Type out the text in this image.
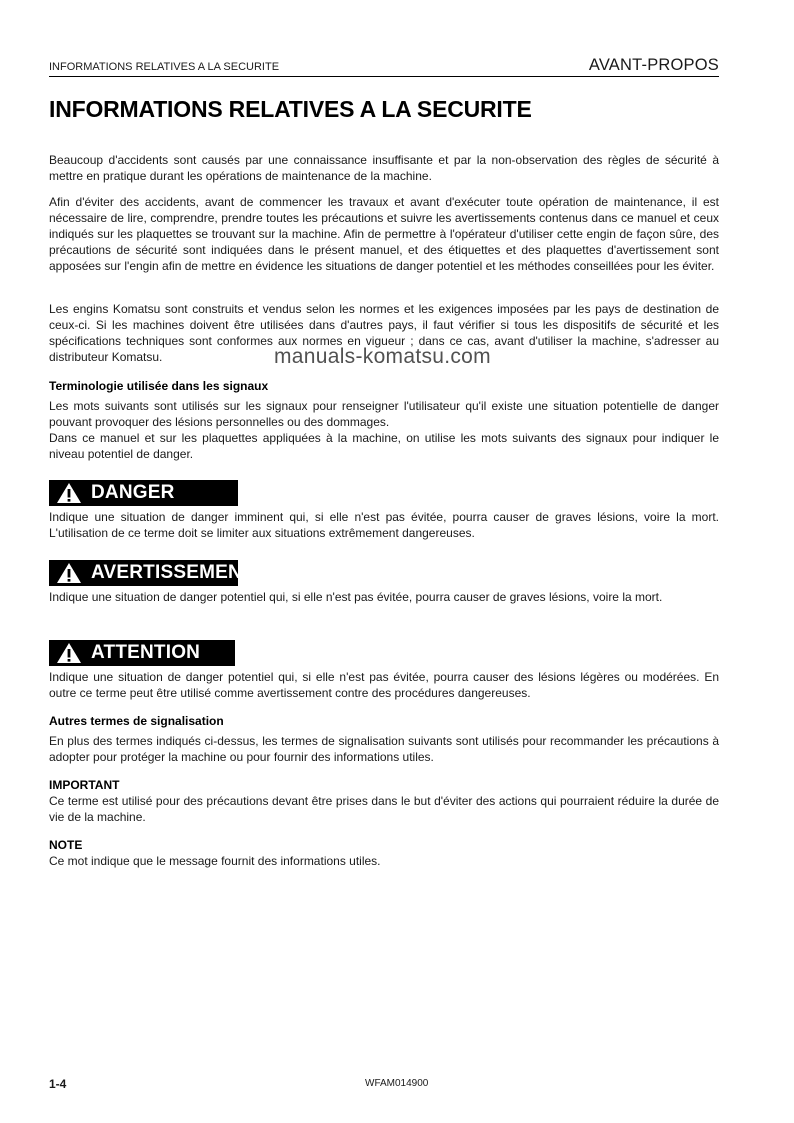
INFORMATIONS RELATIVES A LA SECURITE	AVANT-PROPOS
INFORMATIONS RELATIVES A LA SECURITE

Beaucoup d'accidents sont causés par une connaissance insuffisante et par la non-observation des règles de sécurité à mettre en pratique durant les opérations de maintenance de la machine.

Afin d'éviter des accidents, avant de commencer les travaux et avant d'exécuter toute opération de maintenance, il est nécessaire de lire, comprendre, prendre toutes les précautions et suivre les avertissements contenus dans ce manuel et ceux indiqués sur les plaquettes se trouvant sur la machine. Afin de permettre à l'opérateur d'utiliser cette engin de façon sûre, des précautions de sécurité sont indiquées dans le présent manuel, et des étiquettes et des plaquettes d'avertissement sont apposées sur l'engin afin de mettre en évidence les situations de danger potentiel et les méthodes conseillées pour les éviter.

Les engins Komatsu sont construits et vendus selon les normes et les exigences imposées par les pays de destination de ceux-ci. Si les machines doivent être utilisées dans d'autres pays, il faut vérifier si tous les dispositifs de sécurité et les spécifications techniques sont conformes aux normes en vigueur ; dans ce cas, avant d'utiliser la machine, s'adresser au distributeur Komatsu.	manuals-komatsu.com

Terminologie utilisée dans les signaux

Les mots suivants sont utilisés sur les signaux pour renseigner l'utilisateur qu'il existe une situation potentielle de danger pouvant provoquer des lésions personnelles ou des dommages.

Dans ce manuel et sur les plaquettes appliquées à la machine, on utilise les mots suivants des signaux pour indiquer le niveau potentiel de danger.

DANGER

Indique une situation de danger imminent qui, si elle n'est pas évitée, pourra causer de graves lésions, voire la mort. L'utilisation de ce terme doit se limiter aux situations extrêmement dangereuses.

AVERTISSEMENT

Indique une situation de danger potentiel qui, si elle n'est pas évitée, pourra causer de graves lésions, voire la mort.

ATTENTION

Indique une situation de danger potentiel qui, si elle n'est pas évitée, pourra causer des lésions légères ou modérées. En outre ce terme peut être utilisé comme avertissement contre des procédures dangereuses.

Autres termes de signalisation

En plus des termes indiqués ci-dessus, les termes de signalisation suivants sont utilisés pour recommander les précautions à adopter pour protéger la machine ou pour fournir des informations utiles.

IMPORTANT

Ce terme est utilisé pour des précautions devant être prises dans le but d'éviter des actions qui pourraient réduire la durée de vie de la machine.

NOTE

Ce mot indique que le message fournit des informations utiles.

1-4	WFAM014900
